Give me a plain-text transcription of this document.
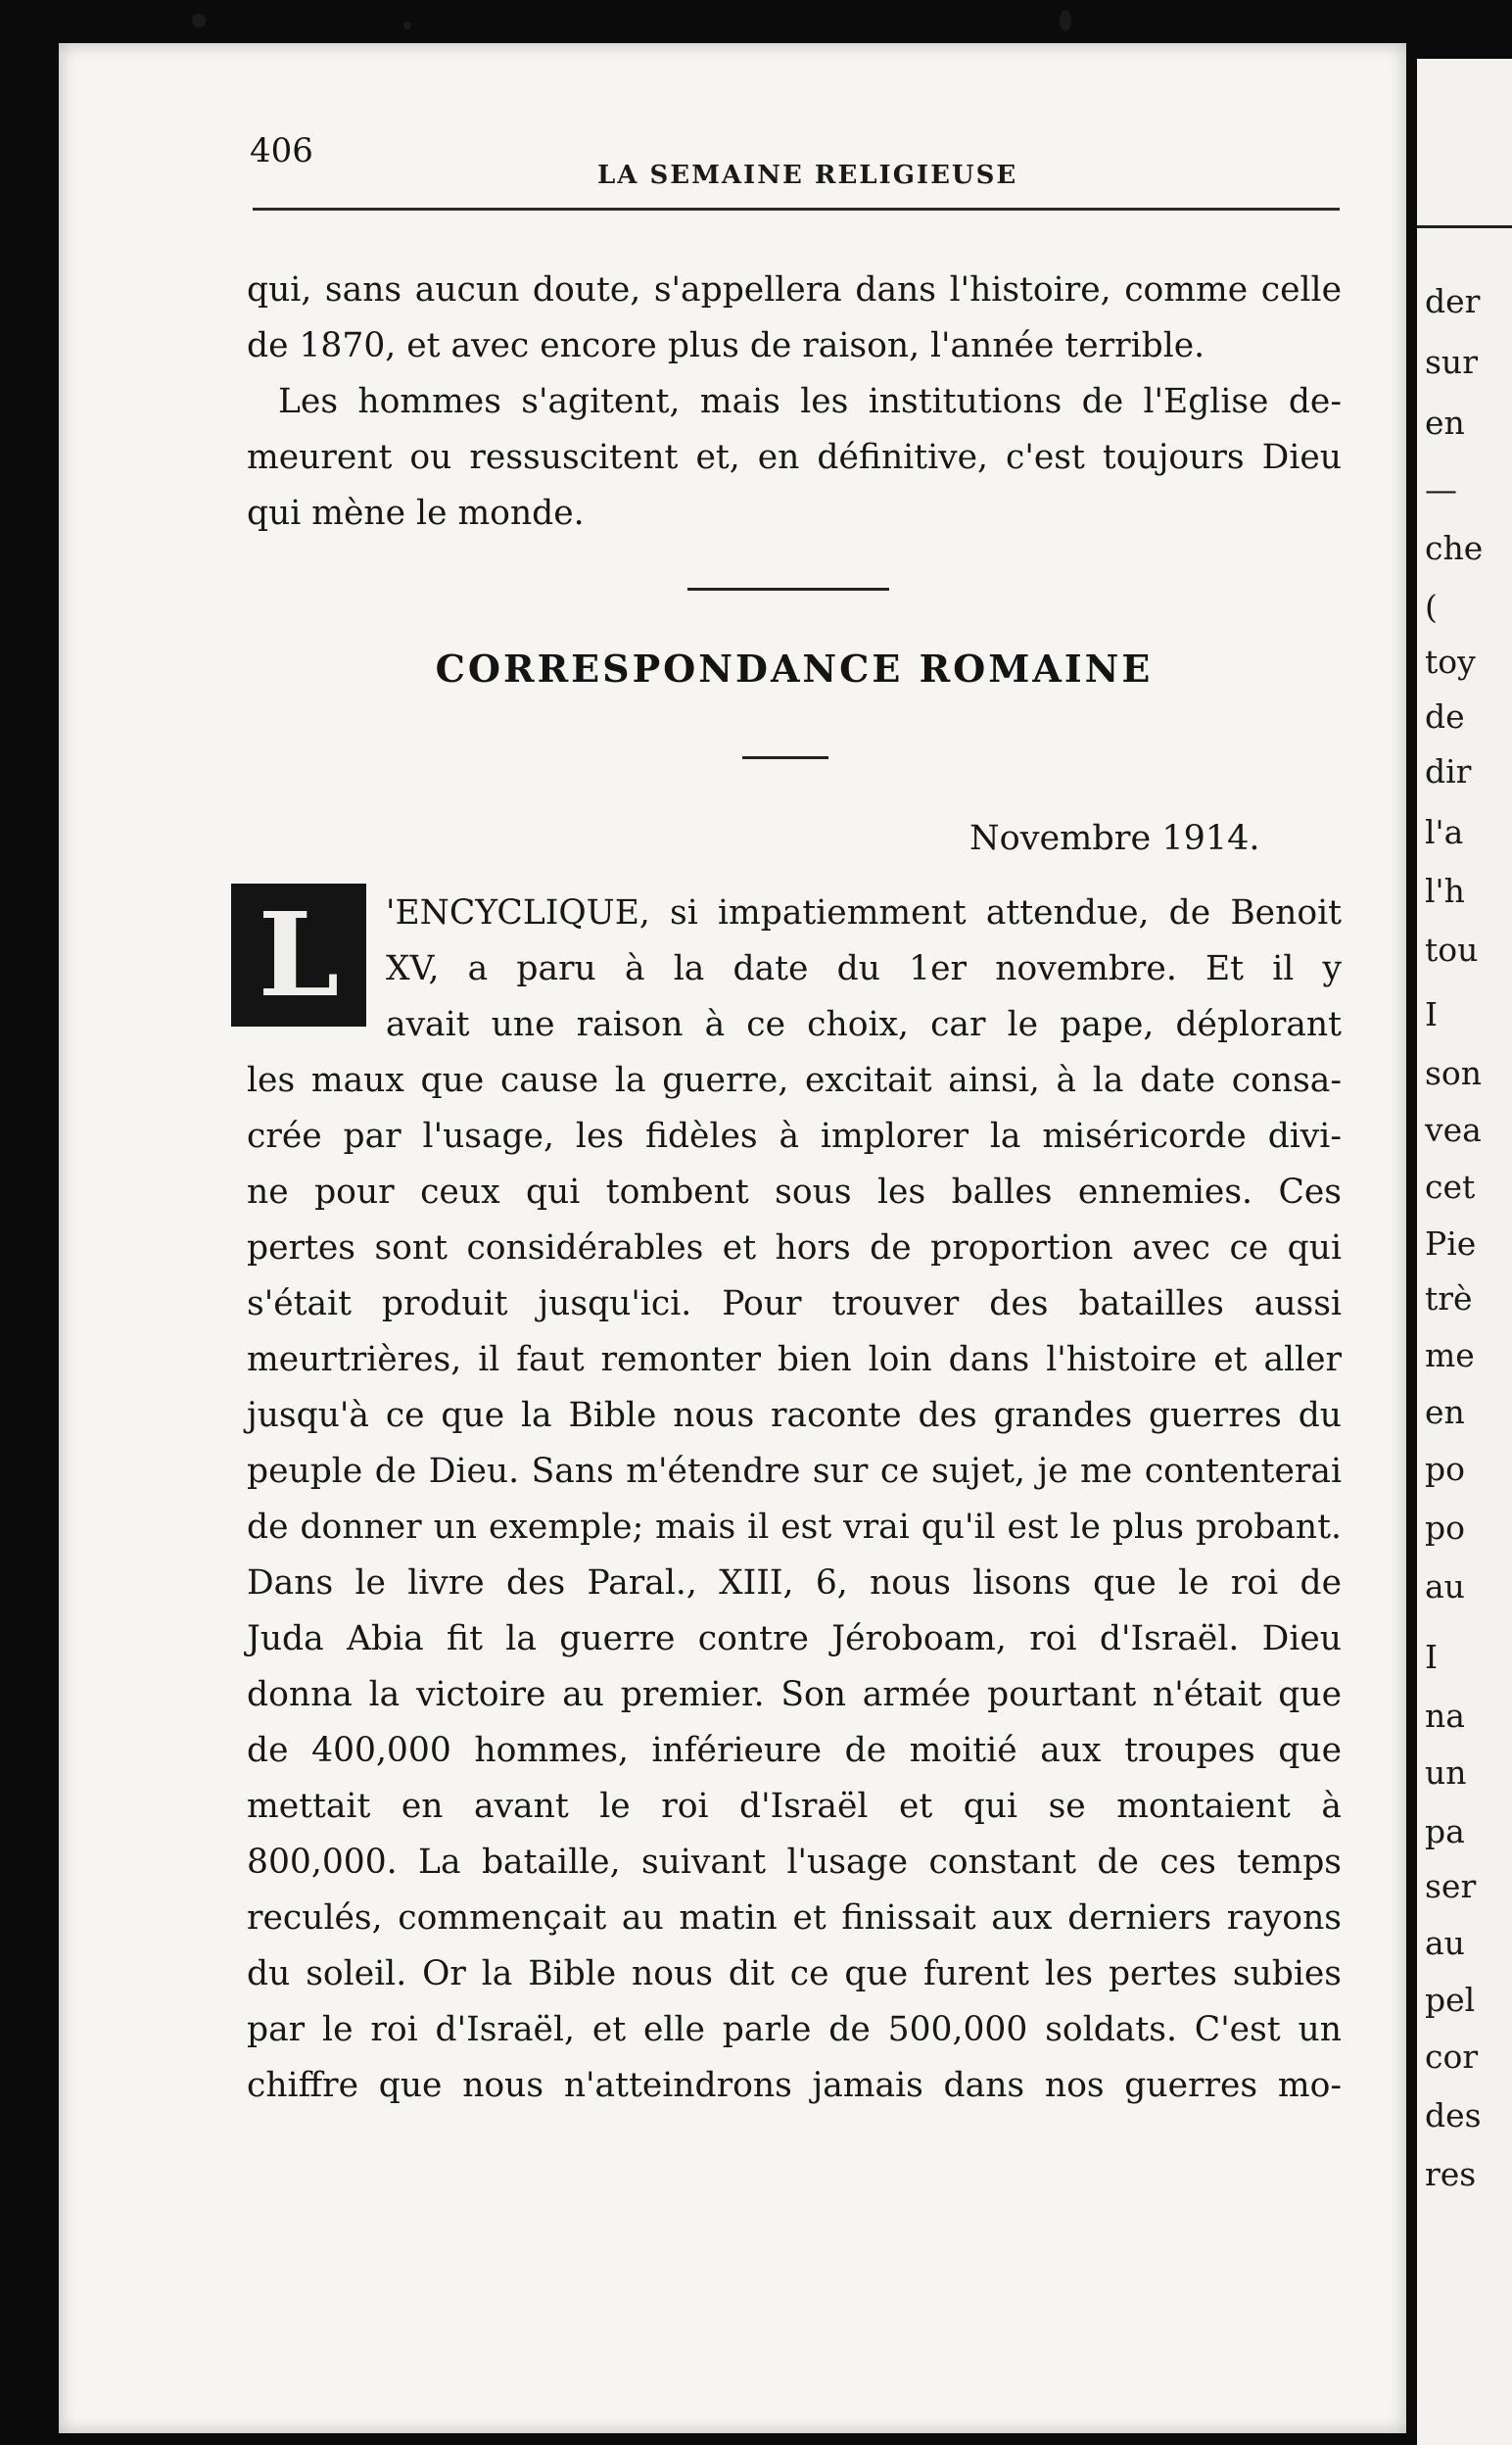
der
sur
en
—
che
(
toy
de
dir
l'a
l'h
tou
I
son
vea
cet
Pie
trè
me
en
po
po
au
I
na
un
pa
ser
au
pel
cor
des
res
406
LA SEMAINE RELIGIEUSE
qui, sans aucun doute, s'appellera dans l'histoire, comme celle
de 1870, et avec encore plus de raison, l'année terrible.
Les hommes s'agitent, mais les institutions de l'Eglise de-
meurent ou ressuscitent et, en définitive, c'est toujours Dieu
qui mène le monde.
CORRESPONDANCE ROMAINE
Novembre 1914.
L	'ENCYCLIQUE, si impatiemment attendue, de Benoit
XV, a paru à la date du 1er novembre. Et il y
avait une raison à ce choix, car le pape, déplorant
les maux que cause la guerre, excitait ainsi, à la date consa-
crée par l'usage, les fidèles à implorer la miséricorde divi-
ne pour ceux qui tombent sous les balles ennemies. Ces
pertes sont considérables et hors de proportion avec ce qui
s'était produit jusqu'ici. Pour trouver des batailles aussi
meurtrières, il faut remonter bien loin dans l'histoire et aller
jusqu'à ce que la Bible nous raconte des grandes guerres du
peuple de Dieu. Sans m'étendre sur ce sujet, je me contenterai
de donner un exemple; mais il est vrai qu'il est le plus probant.
Dans le livre des Paral., XIII, 6, nous lisons que le roi de
Juda Abia fit la guerre contre Jéroboam, roi d'Israël. Dieu
donna la victoire au premier. Son armée pourtant n'était que
de 400,000 hommes, inférieure de moitié aux troupes que
mettait en avant le roi d'Israël et qui se montaient à
800,000. La bataille, suivant l'usage constant de ces temps
reculés, commençait au matin et finissait aux derniers rayons
du soleil. Or la Bible nous dit ce que furent les pertes subies
par le roi d'Israël, et elle parle de 500,000 soldats. C'est un
chiffre que nous n'atteindrons jamais dans nos guerres mo-
